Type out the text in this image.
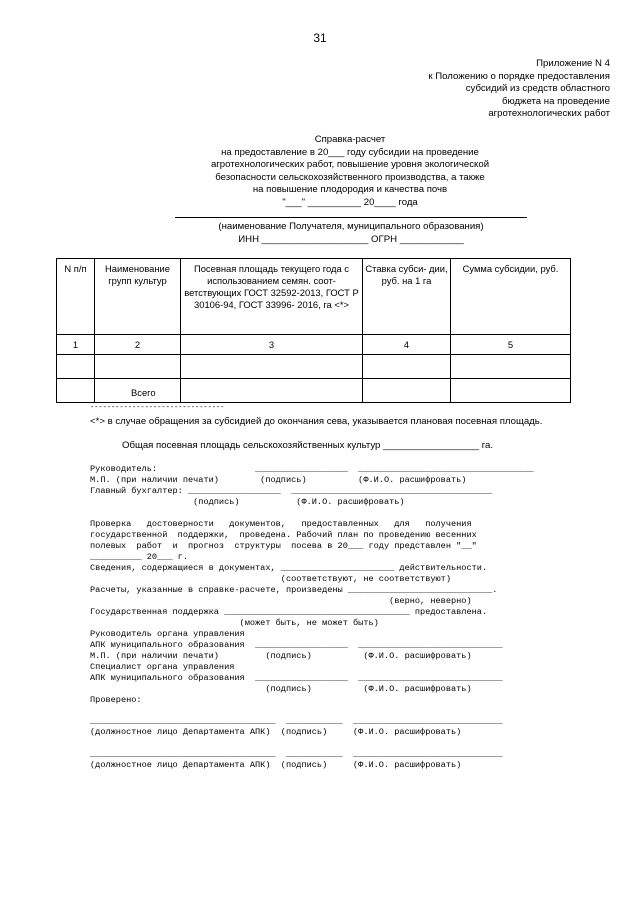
31
Приложение N 4
к Положению о порядке предоставления
субсидий из средств областного
бюджета на проведение
агротехнологических работ
Справка-расчет
на предоставление в 20___ году субсидии на проведение
агротехнологических работ, повышение уровня экологической
безопасности сельскохозяйственного производства, а также
на повышение плодородия и качества почв
"___" __________ 20____ года
(наименование Получателя, муниципального образования)
ИНН ____________________ ОГРН ____________
N п/п	Наименование групп культур	Посевная площадь текущего года с использованием семян. соот- ветствующих ГОСТ 32592-2013, ГОСТ Р 30106-94, ГОСТ 33996- 2016, га <*>	Ставка субси- дии, руб. на 1 га	Сумма субсидии, руб.
1	2	3	4	5

	Всего			
--------------------------------
<*> в случае обращения за субсидией до окончания сева, указывается плановая посевная площадь.
Общая посевная площадь сельскохозяйственных культур __________________ га.
Руководитель:                   __________________  __________________________________
М.П. (при наличии печати)        (подпись)          (Ф.И.О. расшифровать)
Главный бухгалтер: __________________  _______________________________________
(подпись)           (Ф.И.О. расшифровать)

Проверка   достоверности   документов,   предоставленных   для   получения
государственной  поддержки,  проведена. Рабочий план по проведению весенних
полевых  работ  и  прогноз  структуры  посева в 20___ году представлен "__"
__________ 20___ г.
Сведения, содержащиеся в документах, ______________________ действительности.
(соответствуют, не соответствуют)
Расчеты, указанные в справке-расчете, произведены ____________________________.
(верно, неверно)
Государственная поддержка ____________________________________ предоставлена.
(может быть, не может быть)
Руководитель органа управления
АПК муниципального образования  __________________  ____________________________
М.П. (при наличии печати)         (подпись)          (Ф.И.О. расшифровать)
Специалист органа управления
АПК муниципального образования  __________________  ____________________________
(подпись)          (Ф.И.О. расшифровать)
Проверено:
____________________________________  ___________  _____________________________
(должностное лицо Департамента АПК)  (подпись)     (Ф.И.О. расшифровать)

____________________________________  ___________  _____________________________
(должностное лицо Департамента АПК)  (подпись)     (Ф.И.О. расшифровать)
